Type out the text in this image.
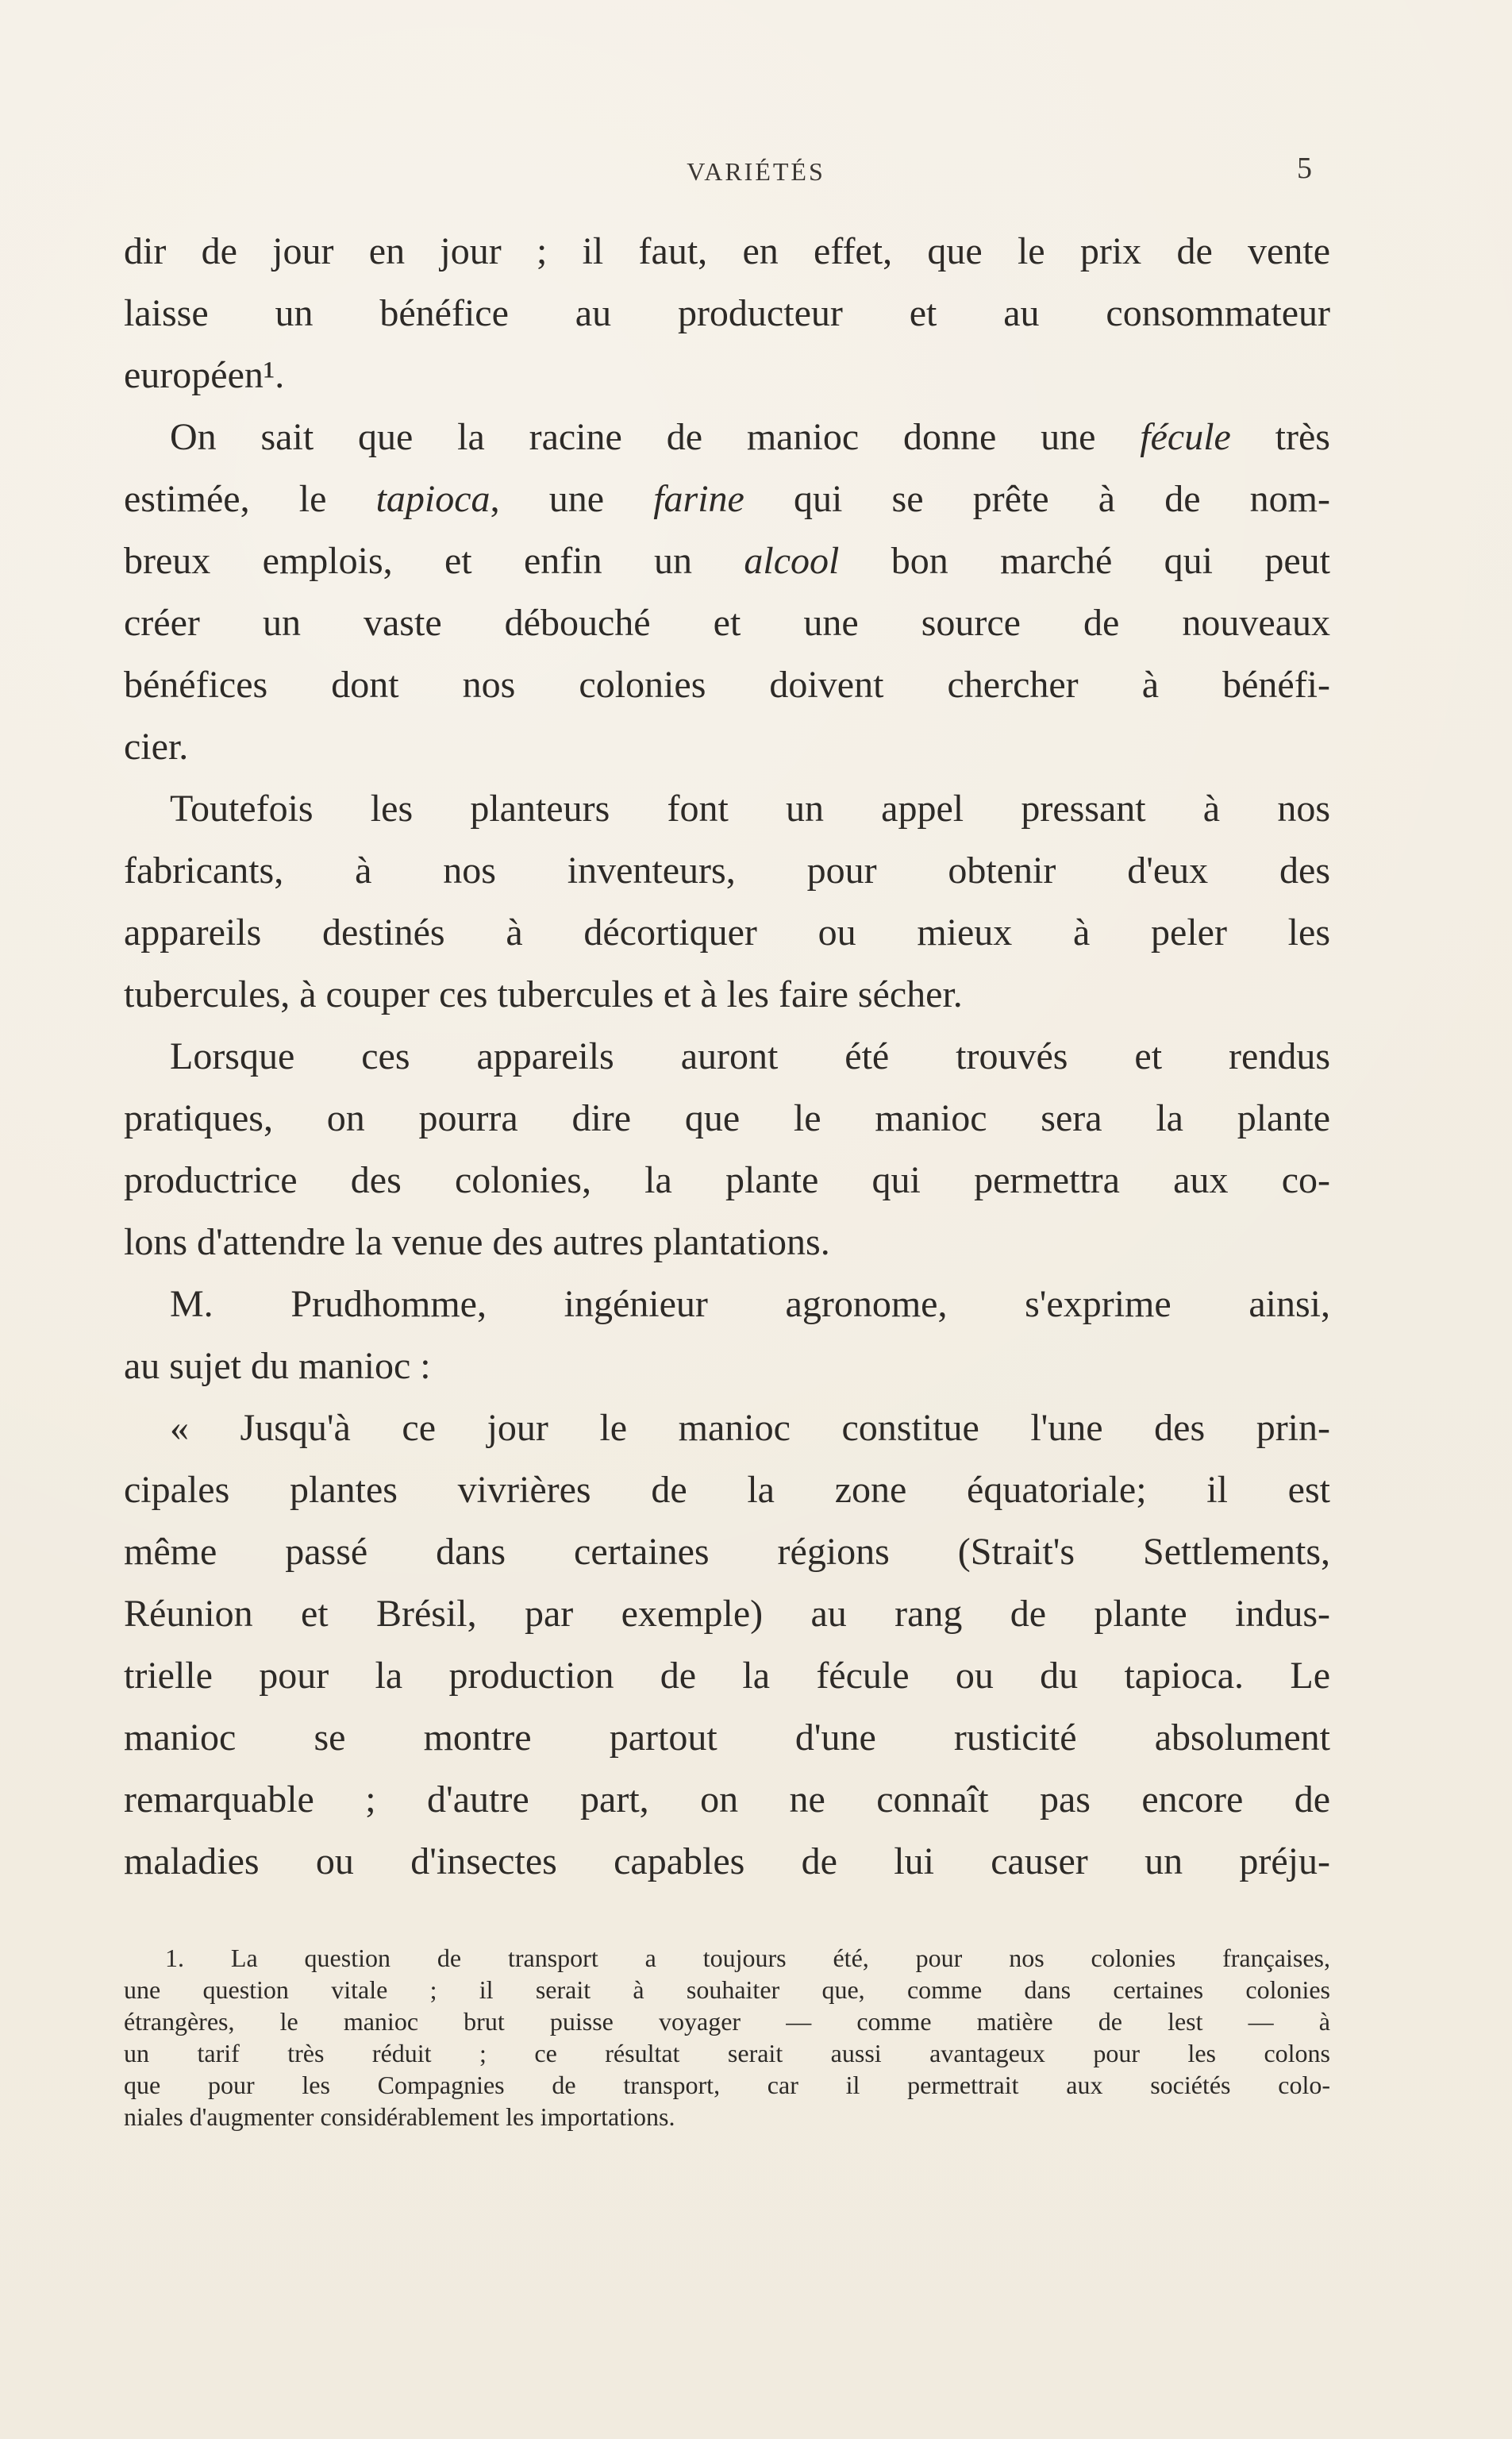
VARIÉTÉS	5
dir de jour en jour ; il faut, en effet, que le prix de vente
laisse un bénéfice au producteur et au consommateur
européen¹.
On sait que la racine de manioc donne une fécule très
estimée, le tapioca, une farine qui se prête à de nom-
breux emplois, et enfin un alcool bon marché qui peut
créer un vaste débouché et une source de nouveaux
bénéfices dont nos colonies doivent chercher à bénéfi-
cier.
Toutefois les planteurs font un appel pressant à nos
fabricants, à nos inventeurs, pour obtenir d'eux des
appareils destinés à décortiquer ou mieux à peler les
tubercules, à couper ces tubercules et à les faire sécher.
Lorsque ces appareils auront été trouvés et rendus
pratiques, on pourra dire que le manioc sera la plante
productrice des colonies, la plante qui permettra aux co-
lons d'attendre la venue des autres plantations.
M. Prudhomme, ingénieur agronome, s'exprime ainsi,
au sujet du manioc :
« Jusqu'à ce jour le manioc constitue l'une des prin-
cipales plantes vivrières de la zone équatoriale; il est
même passé dans certaines régions (Strait's Settlements,
Réunion et Brésil, par exemple) au rang de plante indus-
trielle pour la production de la fécule ou du tapioca. Le
manioc se montre partout d'une rusticité absolument
remarquable ; d'autre part, on ne connaît pas encore de
maladies ou d'insectes capables de lui causer un préju-
1. La question de transport a toujours été, pour nos colonies françaises,
une question vitale ; il serait à souhaiter que, comme dans certaines colonies
étrangères, le manioc brut puisse voyager — comme matière de lest — à
un tarif très réduit ; ce résultat serait aussi avantageux pour les colons
que pour les Compagnies de transport, car il permettrait aux sociétés colo-
niales d'augmenter considérablement les importations.
